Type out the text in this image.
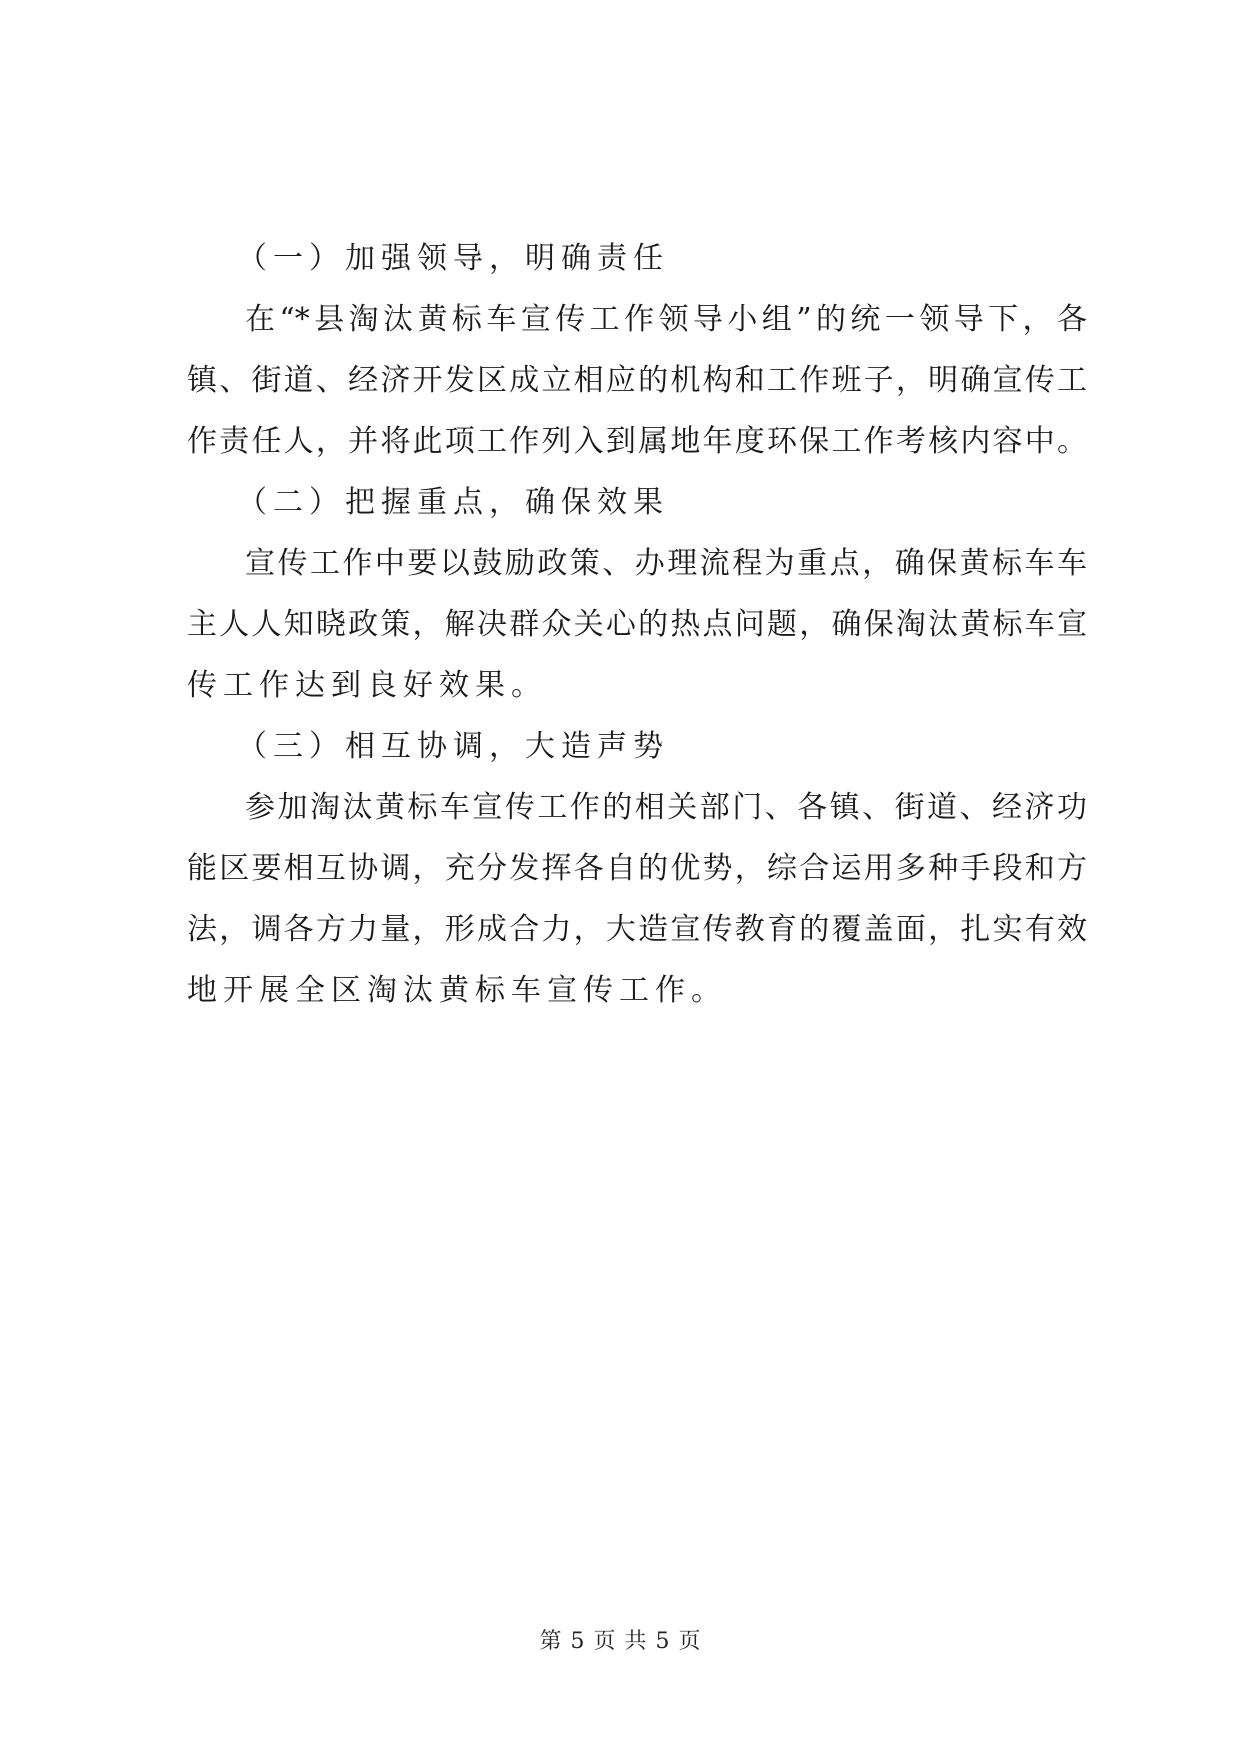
（一）加强领导，明确责任
在“*县淘汰黄标车宣传工作领导小组”的统一领导下，各
镇、街道、经济开发区成立相应的机构和工作班子，明确宣传工
作责任人，并将此项工作列入到属地年度环保工作考核内容中。
（二）把握重点，确保效果
宣传工作中要以鼓励政策、办理流程为重点，确保黄标车车
主人人知晓政策，解决群众关心的热点问题，确保淘汰黄标车宣
传工作达到良好效果。
（三）相互协调，大造声势
参加淘汰黄标车宣传工作的相关部门、各镇、街道、经济功
能区要相互协调，充分发挥各自的优势，综合运用多种手段和方
法，调各方力量，形成合力，大造宣传教育的覆盖面，扎实有效
地开展全区淘汰黄标车宣传工作。
第 5 页 共 5 页
